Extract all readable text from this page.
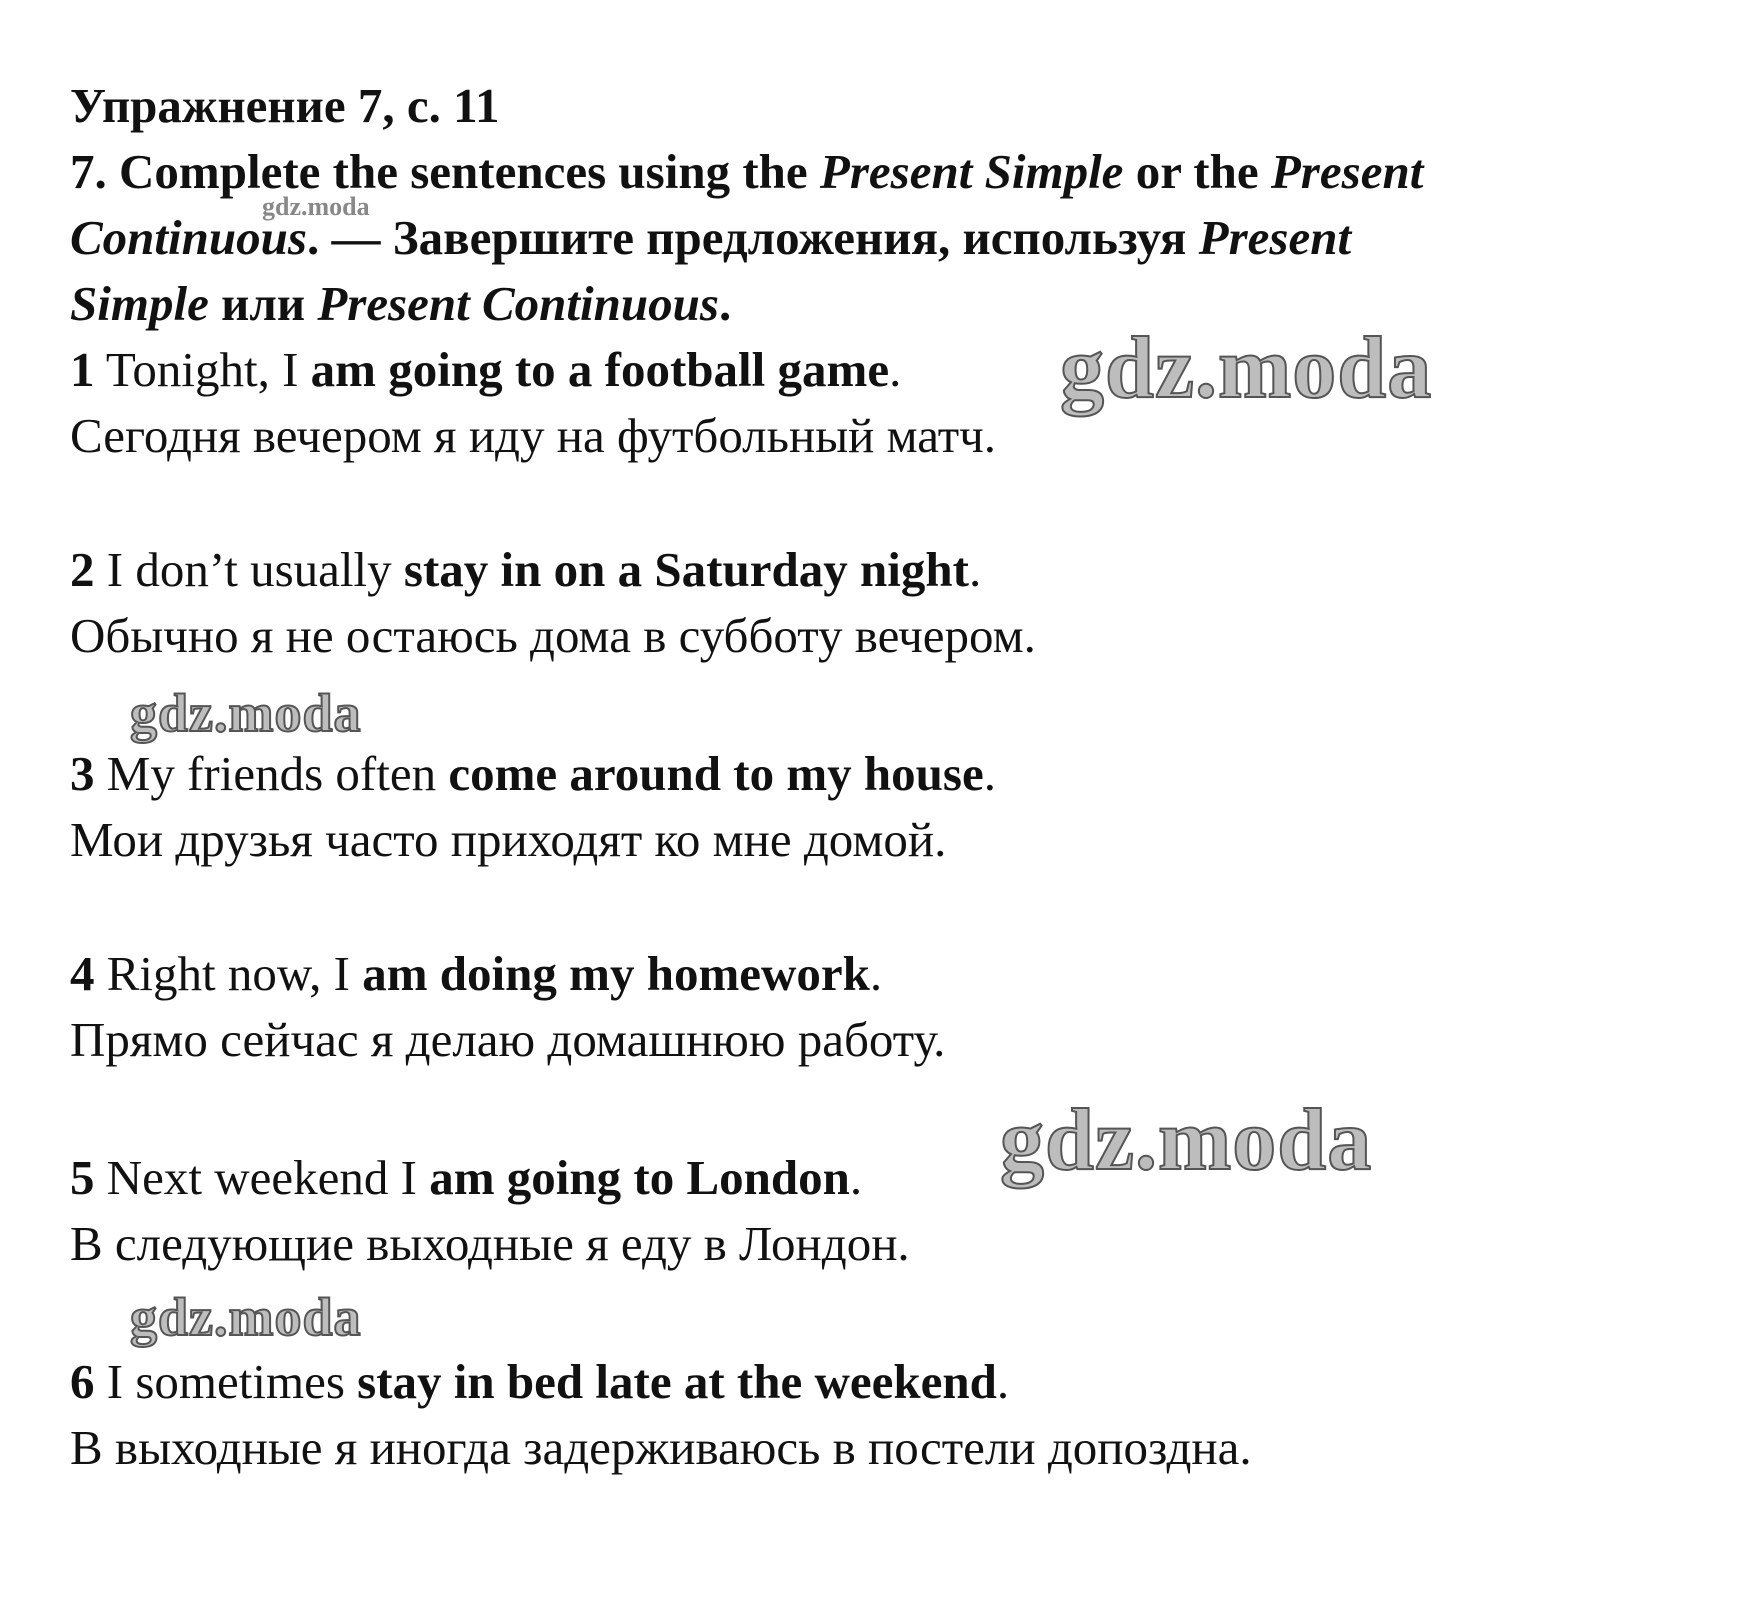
Упражнение 7, с. 11
7. Complete the sentences using the Present Simple or the Present
Continuous. — Завершите предложения, используя Present
Simple или Present Continuous.
1 Tonight, I am going to a football game.
Сегодня вечером я иду на футбольный матч.
2 I don’t usually stay in on a Saturday night.
Обычно я не остаюсь дома в субботу вечером.
3 My friends often come around to my house.
Мои друзья часто приходят ко мне домой.
4 Right now, I am doing my homework.
Прямо сейчас я делаю домашнюю работу.
5 Next weekend I am going to London.
В следующие выходные я еду в Лондон.
6 I sometimes stay in bed late at the weekend.
В выходные я иногда задерживаюсь в постели допоздна.
gdz.moda
gdz.moda
gdz.moda
gdz.moda
gdz.moda
